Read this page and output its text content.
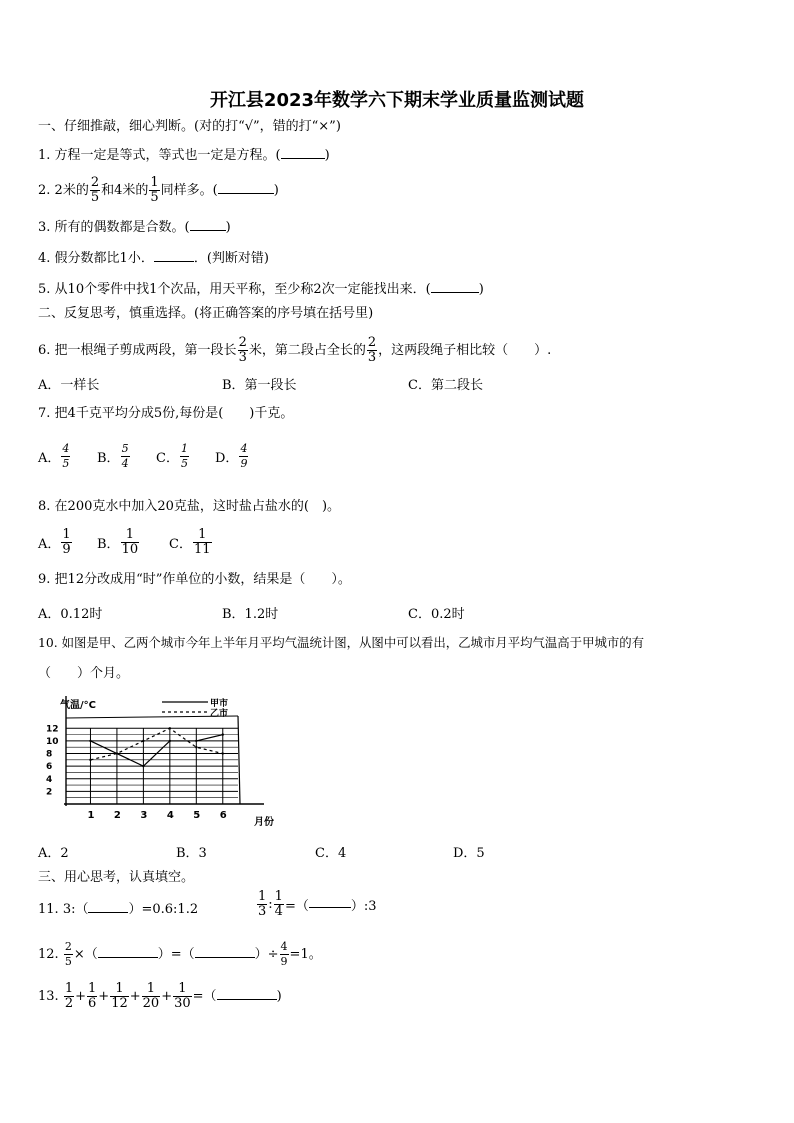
开江县2023年数学六下期末学业质量监测试题
一、仔细推敲，细心判断。(对的打“√”，错的打“×”)
1. 方程一定是等式，等式也一定是方程。(	)
2. 2米的 $\frac{2}{5}$ 和4米的 $\frac{1}{5}$ 同样多。(	)
3. 所有的偶数都是合数。(	)
4. 假分数都比1小．	．(判断对错)
5. 从10个零件中找1个次品，用天平称，至少称2次一定能找出来．(	)
二、反复思考，慎重选择。(将正确答案的序号填在括号里)
6. 把一根绳子剪成两段，第一段长 $\frac{2}{3}$ 米，第二段占全长的 $\frac{2}{3}$ ，这两段绳子相比较（　　）.
A．一样长	B．第一段长	C．第二段长
7. 把4千克平均分成5份,每份是(　　)千克。
A． $\frac{4}{5}$ B． $\frac{5}{4}$ C． $\frac{1}{5}$ D． $\frac{4}{9}$
8. 在200克水中加入20克盐，这时盐占盐水的(　)。
A． $\frac{1}{9}$ B． $\frac{1}{10}$ C． $\frac{1}{11}$
9. 把12分改成用“时”作单位的小数，结果是（　　）。
A．0.12时	B．1.2时	C．0.2时
10. 如图是甲、乙两个城市今年上半年月平均气温统计图，从图中可以看出，乙城市月平均气温高于甲城市的有
（　　）个月。
2
4
6
8
10
12
1 2 3 4 5 6
甲市
乙市
气温/°C
月份
A．2	B．3	C．4	D．5
三、用心思考，认真填空。
11. 3:（	）=0.6:1.2	$\frac{1}{3}$ : $\frac{1}{4}$ =（	）:3
12. $\frac{2}{5}$ ×（	）=（	）÷ $\frac{4}{9} =1$。
13. $\frac{1}{2} + \frac{1}{6} + \frac{1}{12} + \frac{1}{20} + \frac{1}{30}$ =（	)
